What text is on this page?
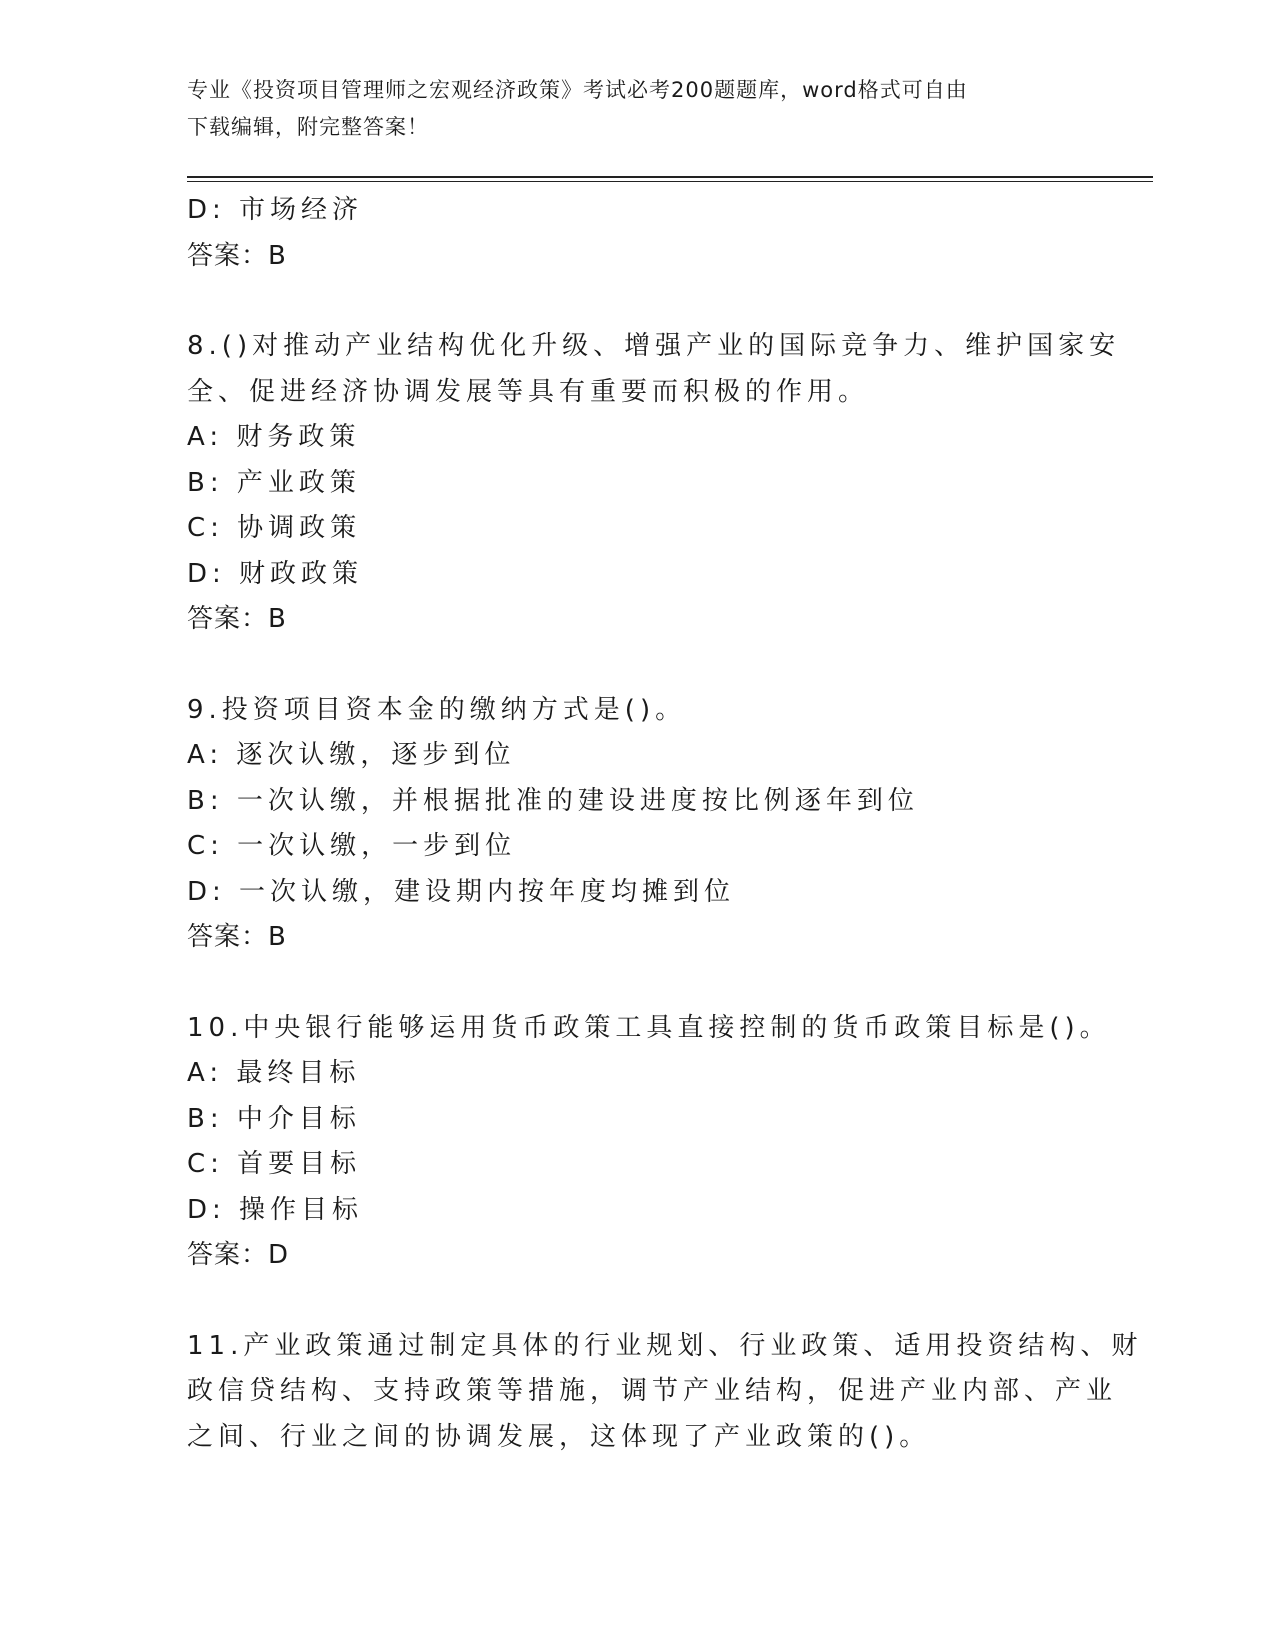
专业《投资项目管理师之宏观经济政策》考试必考200题题库，word格式可自由
下载编辑，附完整答案！
D: 市场经济
答案：B
8.()对推动产业结构优化升级、增强产业的国际竞争力、维护国家安
全、促进经济协调发展等具有重要而积极的作用。
A: 财务政策
B: 产业政策
C: 协调政策
D: 财政政策
答案：B
9.投资项目资本金的缴纳方式是()。
A: 逐次认缴，逐步到位
B: 一次认缴，并根据批准的建设进度按比例逐年到位
C: 一次认缴，一步到位
D: 一次认缴，建设期内按年度均摊到位
答案：B
10.中央银行能够运用货币政策工具直接控制的货币政策目标是()。
A: 最终目标
B: 中介目标
C: 首要目标
D: 操作目标
答案：D
11.产业政策通过制定具体的行业规划、行业政策、适用投资结构、财
政信贷结构、支持政策等措施，调节产业结构，促进产业内部、产业
之间、行业之间的协调发展，这体现了产业政策的()。
